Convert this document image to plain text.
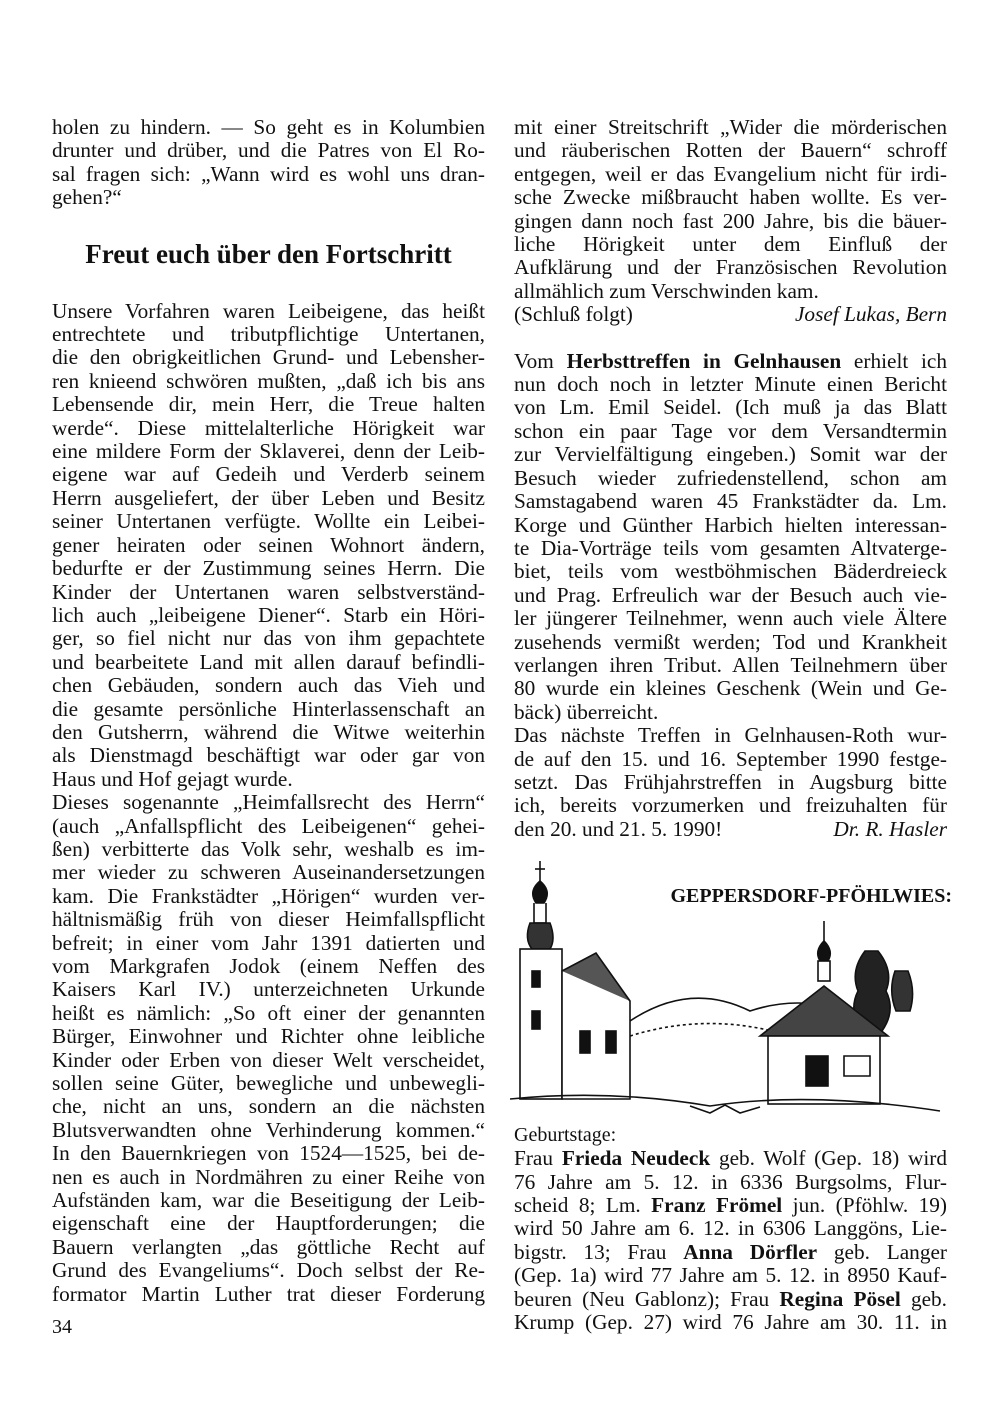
holen zu hindern. — So geht es in Kolumbien

drunter und drüber, und die Patres von El Ro-

sal fragen sich: „Wann wird es wohl uns dran-

gehen?“

Freut euch über den Fortschritt

Unsere Vorfahren waren Leibeigene, das heißt

entrechtete und tributpflichtige Untertanen,

die den obrigkeitlichen Grund- und Lebensher-

ren knieend schwören mußten, „daß ich bis ans

Lebensende dir, mein Herr, die Treue halten

werde“. Diese mittelalterliche Hörigkeit war

eine mildere Form der Sklaverei, denn der Leib-

eigene war auf Gedeih und Verderb seinem

Herrn ausgeliefert, der über Leben und Besitz

seiner Untertanen verfügte. Wollte ein Leibei-

gener heiraten oder seinen Wohnort ändern,

bedurfte er der Zustimmung seines Herrn. Die

Kinder der Untertanen waren selbstverständ-

lich auch „leibeigene Diener“. Starb ein Höri-

ger, so fiel nicht nur das von ihm gepachtete

und bearbeitete Land mit allen darauf befindli-

chen Gebäuden, sondern auch das Vieh und

die gesamte persönliche Hinterlassenschaft an

den Gutsherrn, während die Witwe weiterhin

als Dienstmagd beschäftigt war oder gar von

Haus und Hof gejagt wurde.

Dieses sogenannte „Heimfallsrecht des Herrn“

(auch „Anfallspflicht des Leibeigenen“ gehei-

ßen) verbitterte das Volk sehr, weshalb es im-

mer wieder zu schweren Auseinandersetzungen

kam. Die Frankstädter „Hörigen“ wurden ver-

hältnismäßig früh von dieser Heimfallspflicht

befreit; in einer vom Jahr 1391 datierten und

vom Markgrafen Jodok (einem Neffen des

Kaisers Karl IV.) unterzeichneten Urkunde

heißt es nämlich: „So oft einer der genannten

Bürger, Einwohner und Richter ohne leibliche

Kinder oder Erben von dieser Welt verscheidet,

sollen seine Güter, bewegliche und unbewegli-

che, nicht an uns, sondern an die nächsten

Blutsverwandten ohne Verhinderung kommen.“

In den Bauernkriegen von 1524—1525, bei de-

nen es auch in Nordmähren zu einer Reihe von

Aufständen kam, war die Beseitigung der Leib-

eigenschaft eine der Hauptforderungen; die

Bauern verlangten „das göttliche Recht auf

Grund des Evangeliums“. Doch selbst der Re-

formator Martin Luther trat dieser Forderung

mit einer Streitschrift „Wider die mörderischen

und räuberischen Rotten der Bauern“ schroff

entgegen, weil er das Evangelium nicht für irdi-

sche Zwecke mißbraucht haben wollte. Es ver-

gingen dann noch fast 200 Jahre, bis die bäuer-

liche Hörigkeit unter dem Einfluß der

Aufklärung und der Französischen Revolution

allmählich zum Verschwinden kam.

(Schluß folgt)	Josef Lukas, Bern

Vom Herbsttreffen in Gelnhausen erhielt ich

nun doch noch in letzter Minute einen Bericht

von Lm. Emil Seidel. (Ich muß ja das Blatt

schon ein paar Tage vor dem Versandtermin

zur Vervielfältigung eingeben.) Somit war der

Besuch wieder zufriedenstellend, schon am

Samstagabend waren 45 Frankstädter da. Lm.

Korge und Günther Harbich hielten interessan-

te Dia-Vorträge teils vom gesamten Altvaterge-

biet, teils vom westböhmischen Bäderdreieck

und Prag. Erfreulich war der Besuch auch vie-

ler jüngerer Teilnehmer, wenn auch viele Ältere

zusehends vermißt werden; Tod und Krankheit

verlangen ihren Tribut. Allen Teilnehmern über

80 wurde ein kleines Geschenk (Wein und Ge-

bäck) überreicht.

Das nächste Treffen in Gelnhausen-Roth wur-

de auf den 15. und 16. September 1990 festge-

setzt. Das Frühjahrstreffen in Augsburg bitte

ich, bereits vorzumerken und freizuhalten für

den 20. und 21. 5. 1990!	Dr. R. Hasler
GEPPERSDORF-PFÖHLWIES:

Geburtstage:

Frau Frieda Neudeck geb. Wolf (Gep. 18) wird

76 Jahre am 5. 12. in 6336 Burgsolms, Flur-

scheid 8; Lm. Franz Frömel jun. (Pföhlw. 19)

wird 50 Jahre am 6. 12. in 6306 Langgöns, Lie-

bigstr. 13; Frau Anna Dörfler geb. Langer

(Gep. 1a) wird 77 Jahre am 5. 12. in 8950 Kauf-

beuren (Neu Gablonz); Frau Regina Pösel geb.

Krump (Gep. 27) wird 76 Jahre am 30. 11. in

34
